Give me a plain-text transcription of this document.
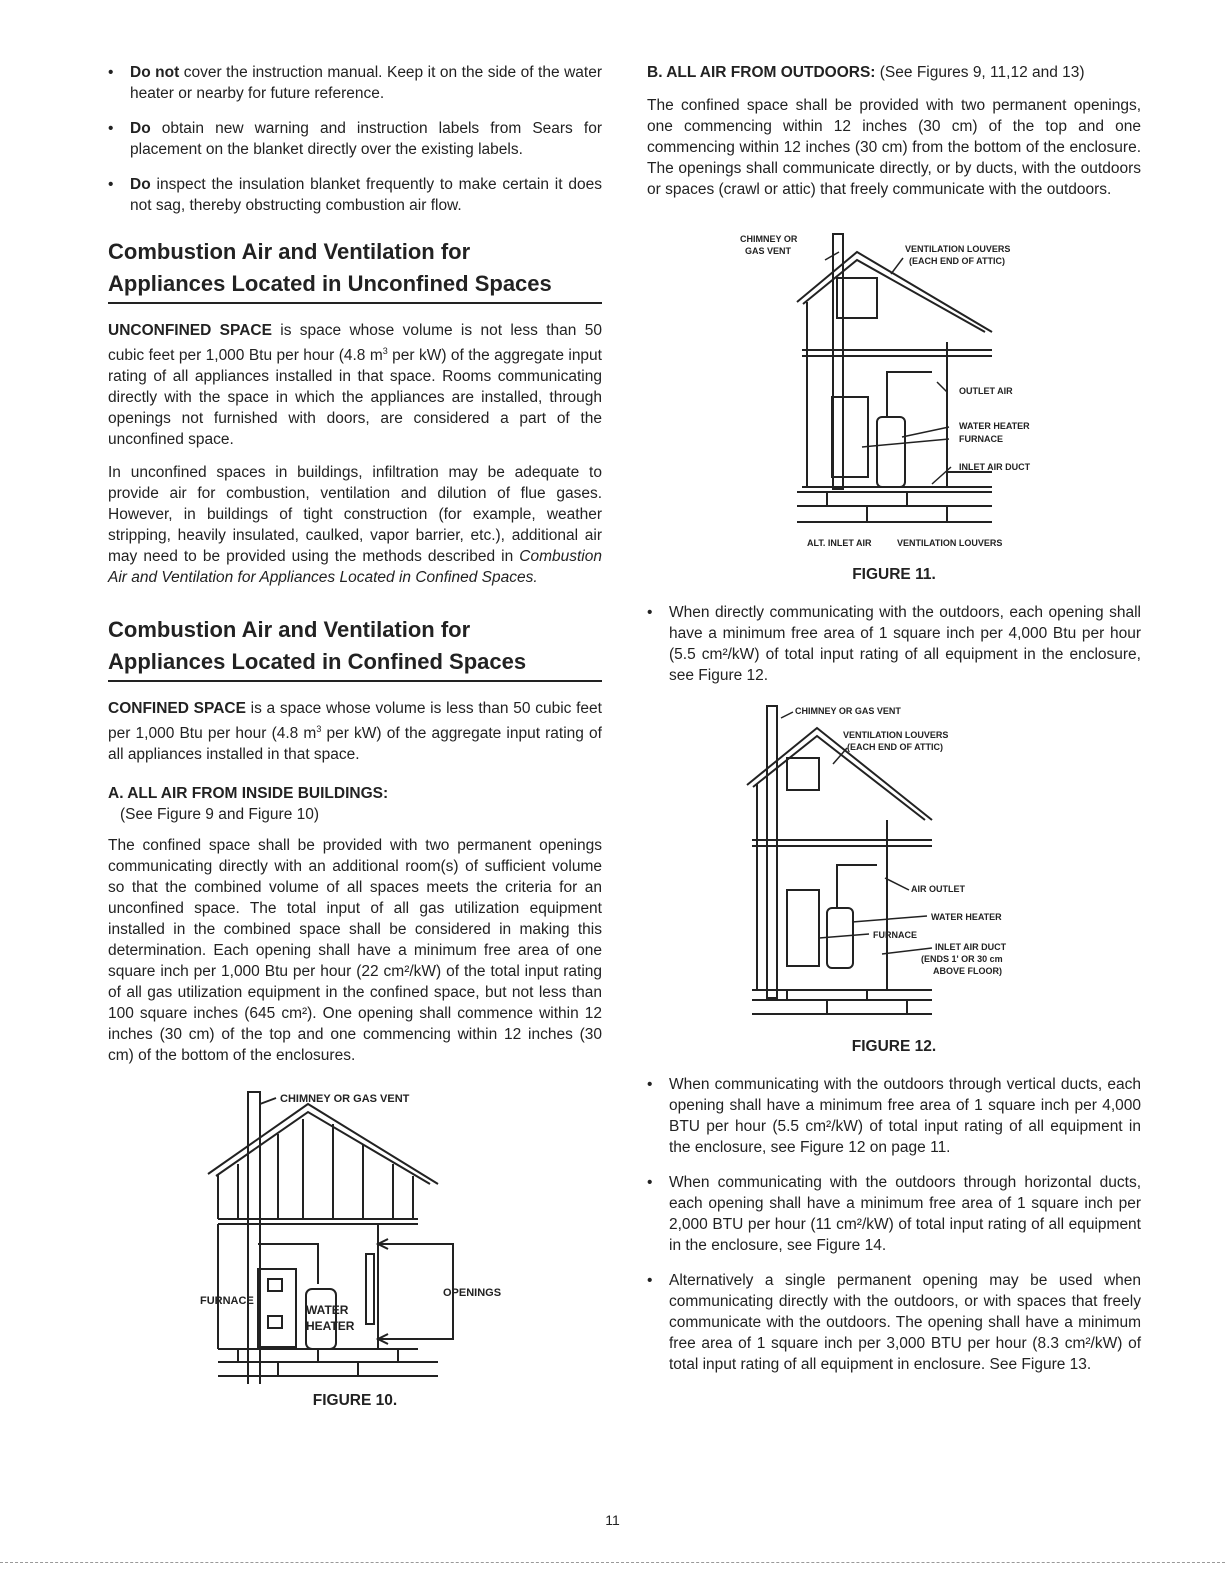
• Do not cover the instruction manual. Keep it on the side of the water heater or nearby for future reference.
• Do obtain new warning and instruction labels from Sears for placement on the blanket directly over the existing labels.
• Do inspect the insulation blanket frequently to make certain it does not sag, thereby obstructing combustion air flow.
Combustion Air and Ventilation for
Appliances Located in Unconfined Spaces

UNCONFINED SPACE is space whose volume is not less than 50 cubic feet per 1,000 Btu per hour (4.8 $m^3$ per kW) of the aggregate input rating of all appliances installed in that space. Rooms communicating directly with the space in which the appliances are installed, through openings not furnished with doors, are considered a part of the unconfined space.

In unconfined spaces in buildings, infiltration may be adequate to provide air for combustion, ventilation and dilution of flue gases. However, in buildings of tight construction (for example, weather stripping, heavily insulated, caulked, vapor barrier, etc.), additional air may need to be provided using the methods described in Combustion Air and Ventilation for Appliances Located in Confined Spaces.

Combustion Air and Ventilation for
Appliances Located in Confined Spaces

CONFINED SPACE is a space whose volume is less than 50 cubic feet per 1,000 Btu per hour (4.8 $m^3$ per kW) of the aggregate input rating of all appliances installed in that space.

A. ALL AIR FROM INSIDE BUILDINGS:

(See Figure 9 and Figure 10)

The confined space shall be provided with two permanent openings communicating directly with an additional room(s) of sufficient volume so that the combined volume of all spaces meets the criteria for an unconfined space. The total input of all gas utilization equipment installed in the combined space shall be considered in making this determination. Each opening shall have a minimum free area of one square inch per 1,000 Btu per hour (22 cm²/kW) of the total input rating of all gas utilization equipment in the confined space, but not less than 100 square inches (645 cm²). One opening shall commence within 12 inches (30 cm) of the top and one commencing within 12 inches (30 cm) of the bottom of the enclosures.

CHIMNEY OR GAS VENT
FURNACE
WATER
HEATER
OPENINGS
FIGURE 10.

B. ALL AIR FROM OUTDOORS: (See Figures 9, 11,12 and 13)

The confined space shall be provided with two permanent openings, one commencing within 12 inches (30 cm) of the top and one commencing within 12 inches (30 cm) from the bottom of the enclosure. The openings shall communicate directly, or by ducts, with the outdoors or spaces (crawl or attic) that freely communicate with the outdoors.

CHIMNEY OR
GAS VENT	VENTILATION LOUVERS
(EACH END OF ATTIC)
OUTLET AIR
WATER HEATER
FURNACE
INLET AIR DUCT
ALT. INLET AIR	VENTILATION LOUVERS
FIGURE 11.
• When directly communicating with the outdoors, each opening shall have a minimum free area of 1 square inch per 4,000 Btu per hour (5.5 cm²/kW) of total input rating of all equipment in the enclosure, see Figure 12.
CHIMNEY OR GAS VENT
VENTILATION LOUVERS
(EACH END OF ATTIC)
AIR OUTLET
WATER HEATER
FURNACE
INLET AIR DUCT
(ENDS 1' OR 30 cm
ABOVE FLOOR)
FIGURE 12.
• When communicating with the outdoors through vertical ducts, each opening shall have a minimum free area of 1 square inch per 4,000 BTU per hour (5.5 cm²/kW) of total input rating of all equipment in the enclosure, see Figure 12 on page 11.
• When communicating with the outdoors through horizontal ducts, each opening shall have a minimum free area of 1 square inch per 2,000 BTU per hour (11 cm²/kW) of total input rating of all equipment in the enclosure, see Figure 14.
• Alternatively a single permanent opening may be used when communicating directly with the outdoors, or with spaces that freely communicate with the outdoors. The opening shall have a minimum free area of 1 square inch per 3,000 BTU per hour (8.3 cm²/kW) of total input rating of all equipment in enclosure. See Figure 13.
11
